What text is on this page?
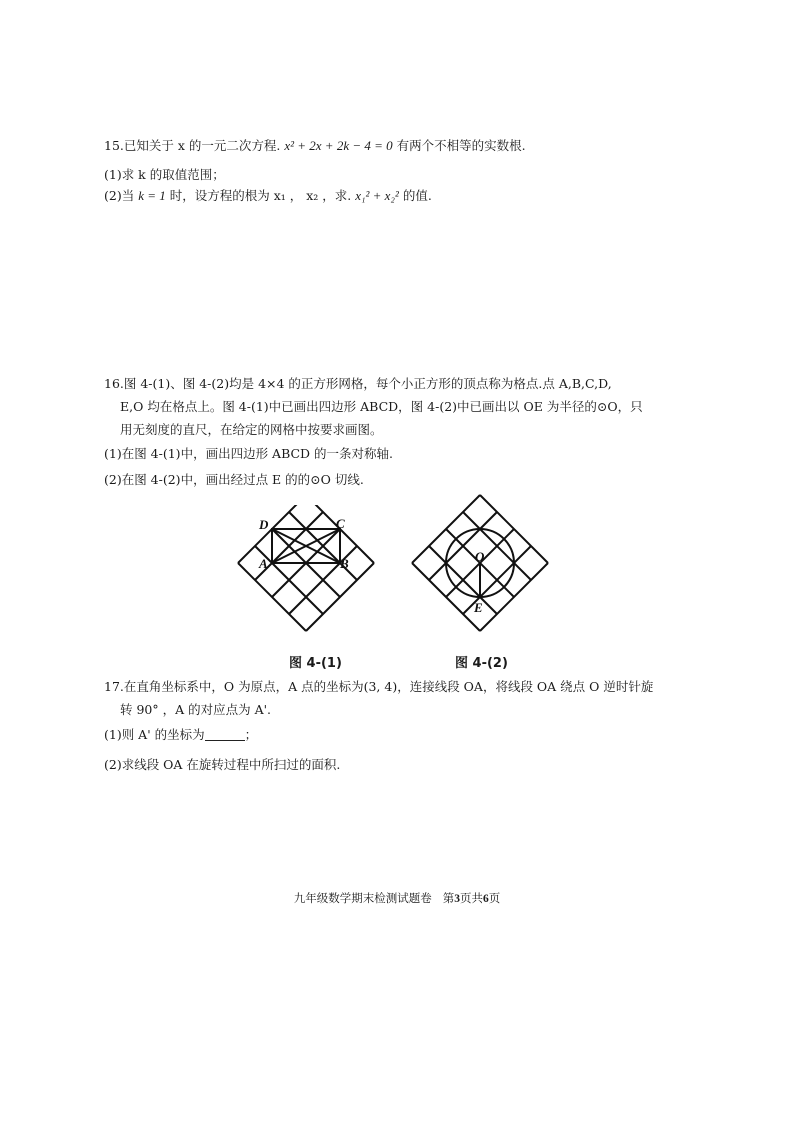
15.已知关于 x 的一元二次方程. x² + 2x + 2k − 4 = 0 有两个不相等的实数根.
(1)求 k 的取值范围；
(2)当 k = 1 时，设方程的根为 x₁ ， x₂ ，求. x₁² + x₂² 的值.
16.图 4-(1)、图 4-(2)均是 4×4 的正方形网格，每个小正方形的顶点称为格点.点 A,B,C,D,
E,O 均在格点上。图 4-(1)中已画出四边形 ABCD，图 4-(2)中已画出以 OE 为半径的⊙O，只
用无刻度的直尺，在给定的网格中按要求画图。
(1)在图 4-(1)中，画出四边形 ABCD 的一条对称轴.
(2)在图 4-(2)中，画出经过点 E 的的⊙O 切线.
D	C
A	B	O
E
图 4-(1)	图 4-(2)
17.在直角坐标系中，O 为原点，A 点的坐标为(3, 4)，连接线段 OA，将线段 OA 绕点 O 逆时针旋
转 90° ，A 的对应点为 A'.
(1)则 A' 的坐标为	；
(2)求线段 OA 在旋转过程中所扫过的面积.
九年级数学期末检测试题卷 第3页共6页
